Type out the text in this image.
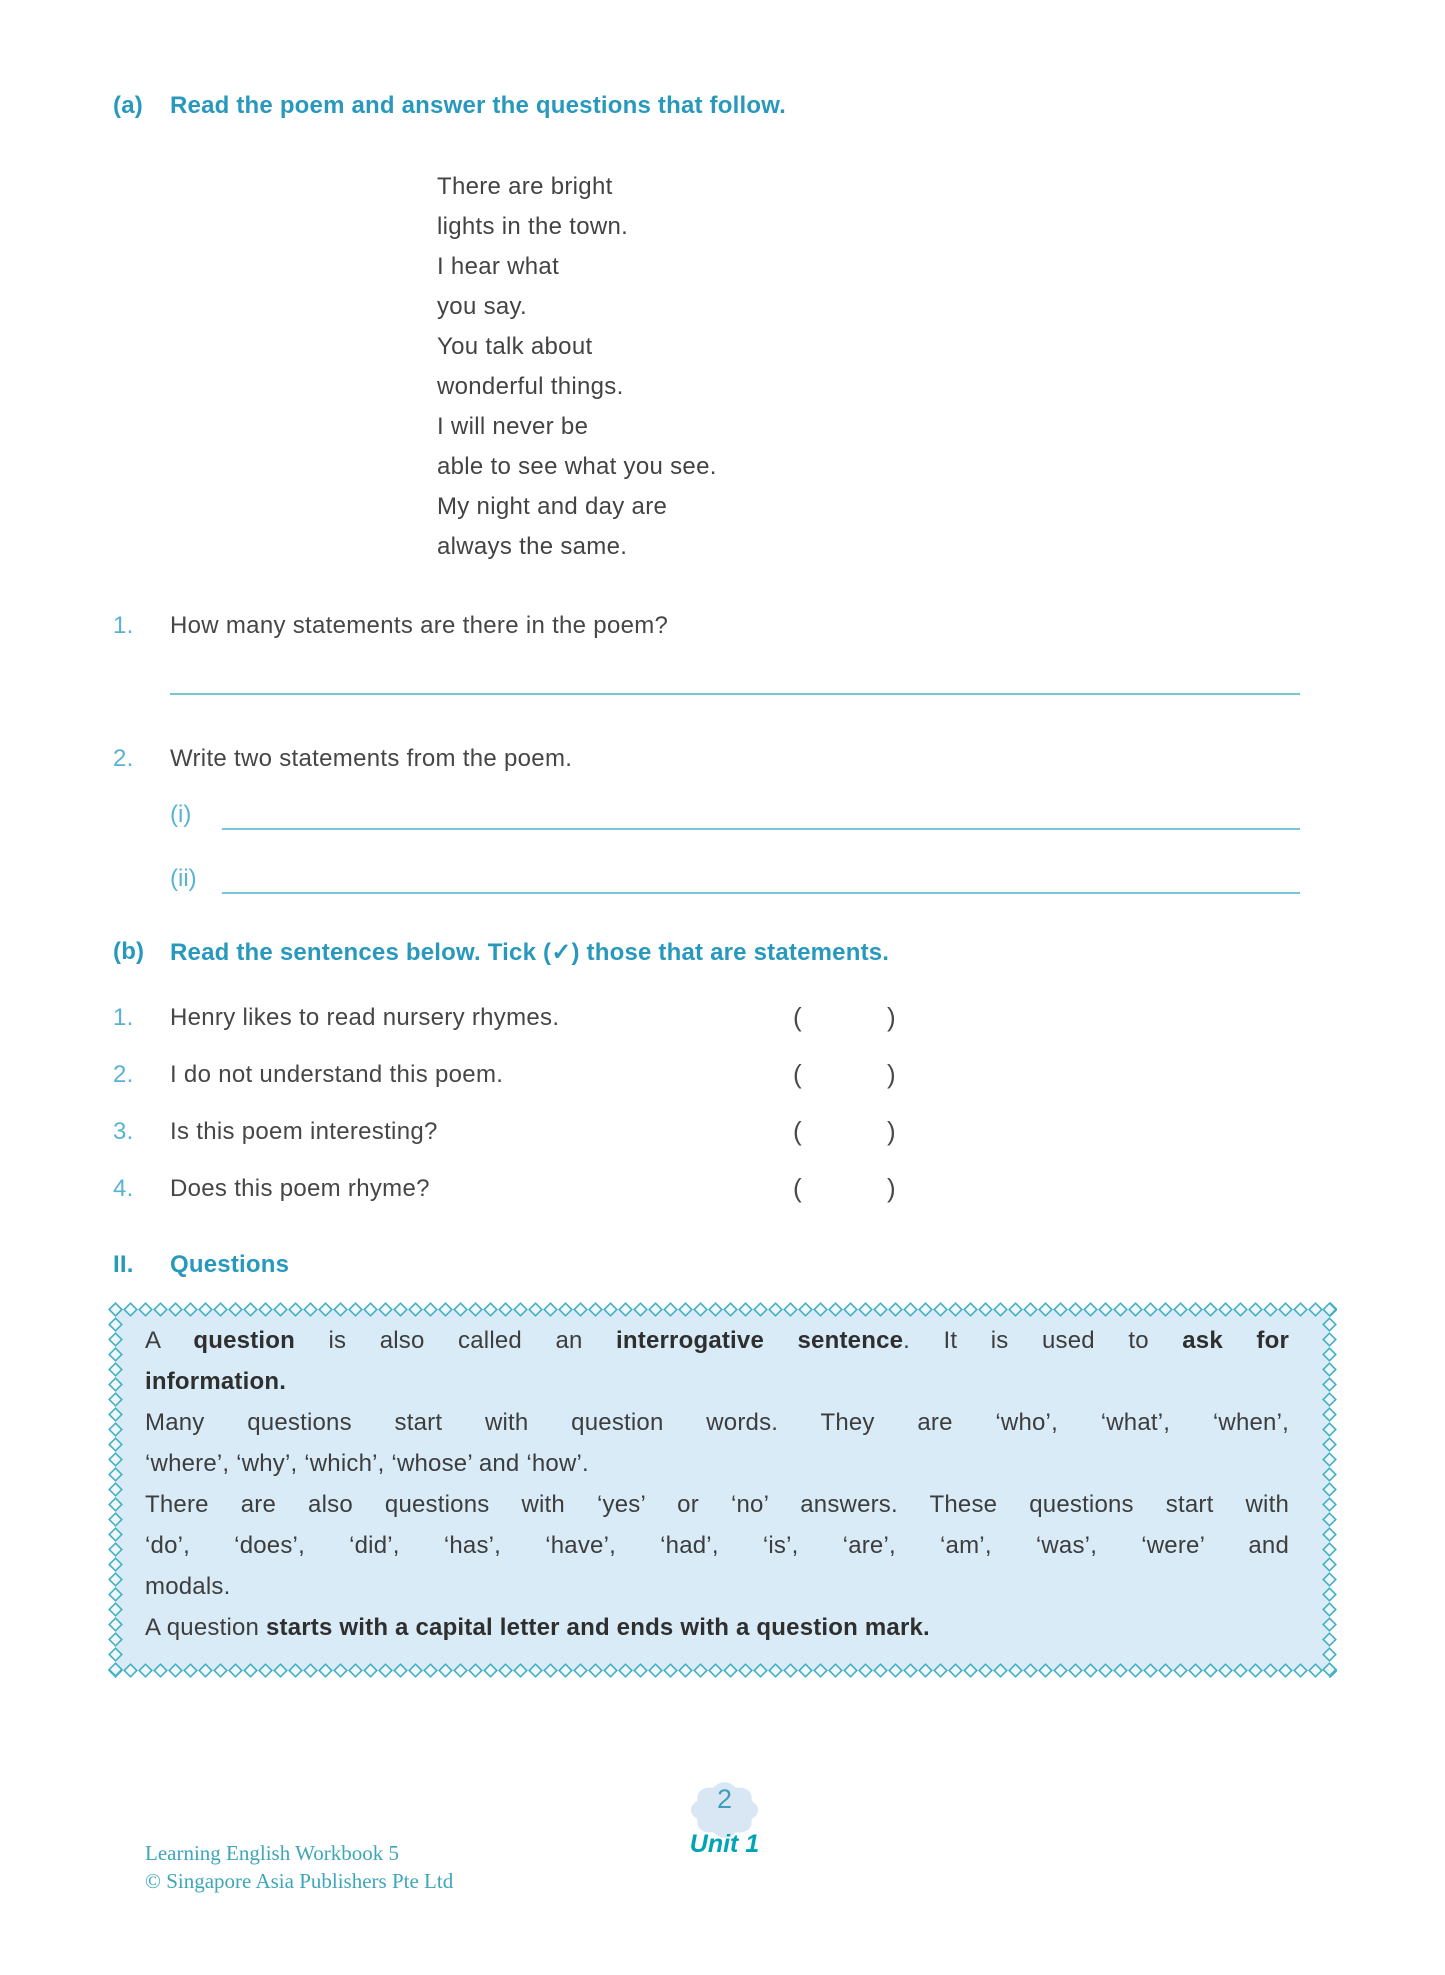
(a)	Read the poem and answer the questions that follow.
There are bright
lights in the town.
I hear what
you say.
You talk about
wonderful things.
I will never be
able to see what you see.
My night and day are
always the same.
1.	How many statements are there in the poem?
2.	Write two statements from the poem.
(i)
(ii)
(b)	Read the sentences below. Tick (✓) those that are statements.
1.	Henry likes to read nursery rhymes.	(	)
2.	I do not understand this poem.	(	)
3.	Is this poem interesting?	(	)
4.	Does this poem rhyme?	(	)
II.	Questions
A question is also called an interrogative sentence. It is used to ask for
information.
Many questions start with question words. They are ‘who’, ‘what’, ‘when’,
‘where’, ‘why’, ‘which’, ‘whose’ and ‘how’.
There are also questions with ‘yes’ or ‘no’ answers. These questions start with
‘do’, ‘does’, ‘did’, ‘has’, ‘have’, ‘had’, ‘is’, ‘are’, ‘am’, ‘was’, ‘were’ and
modals.
A question starts with a capital letter and ends with a question mark.
2
Unit 1
Learning English Workbook 5
© Singapore Asia Publishers Pte Ltd
